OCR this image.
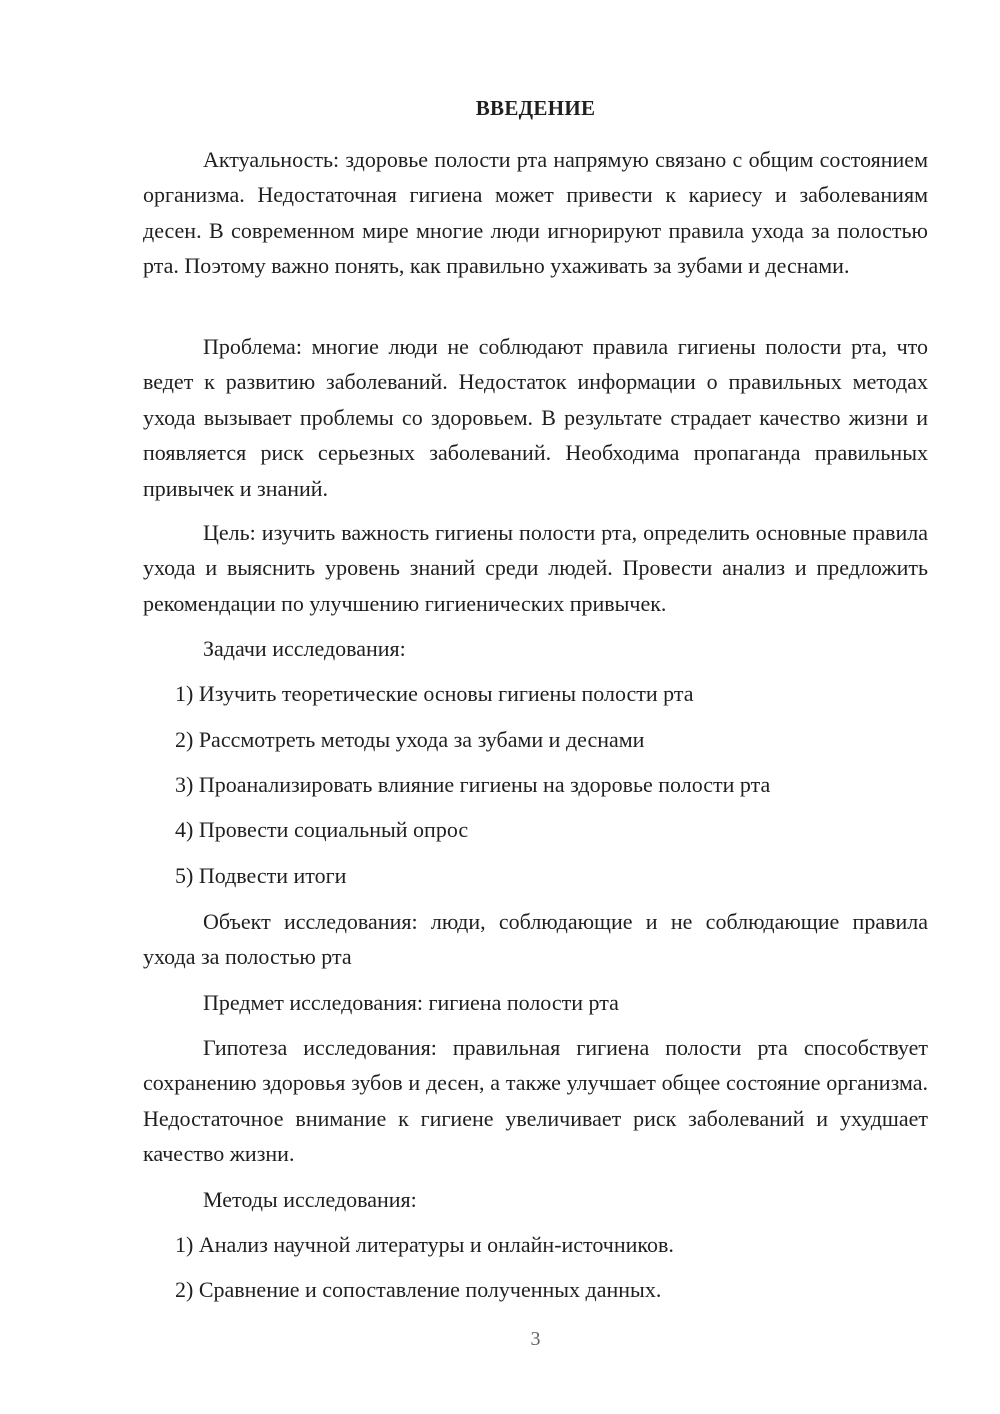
ВВЕДЕНИЕ

Актуальность: здоровье полости рта напрямую связано с общим состоянием организма. Недостаточная гигиена может привести к кариесу и заболеваниям десен. В современном мире многие люди игнорируют правила ухода за полостью рта. Поэтому важно понять, как правильно ухаживать за зубами и деснами.

Проблема: многие люди не соблюдают правила гигиены полости рта, что ведет к развитию заболеваний. Недостаток информации о правильных методах ухода вызывает проблемы со здоровьем. В результате страдает качество жизни и появляется риск серьезных заболеваний. Необходима пропаганда правильных привычек и знаний.

Цель: изучить важность гигиены полости рта, определить основные правила ухода и выяснить уровень знаний среди людей. Провести анализ и предложить рекомендации по улучшению гигиенических привычек.

Задачи исследования:

1) Изучить теоретические основы гигиены полости рта

2) Рассмотреть методы ухода за зубами и деснами

3) Проанализировать влияние гигиены на здоровье полости рта

4) Провести социальный опрос

5) Подвести итоги

Объект исследования: люди, соблюдающие и не соблюдающие правила ухода за полостью рта

Предмет исследования: гигиена полости рта

Гипотеза исследования: правильная гигиена полости рта способствует сохранению здоровья зубов и десен, а также улучшает общее состояние организма. Недостаточное внимание к гигиене увеличивает риск заболеваний и ухудшает качество жизни.

Методы исследования:

1) Анализ научной литературы и онлайн-источников.

2) Сравнение и сопоставление полученных данных.

3
